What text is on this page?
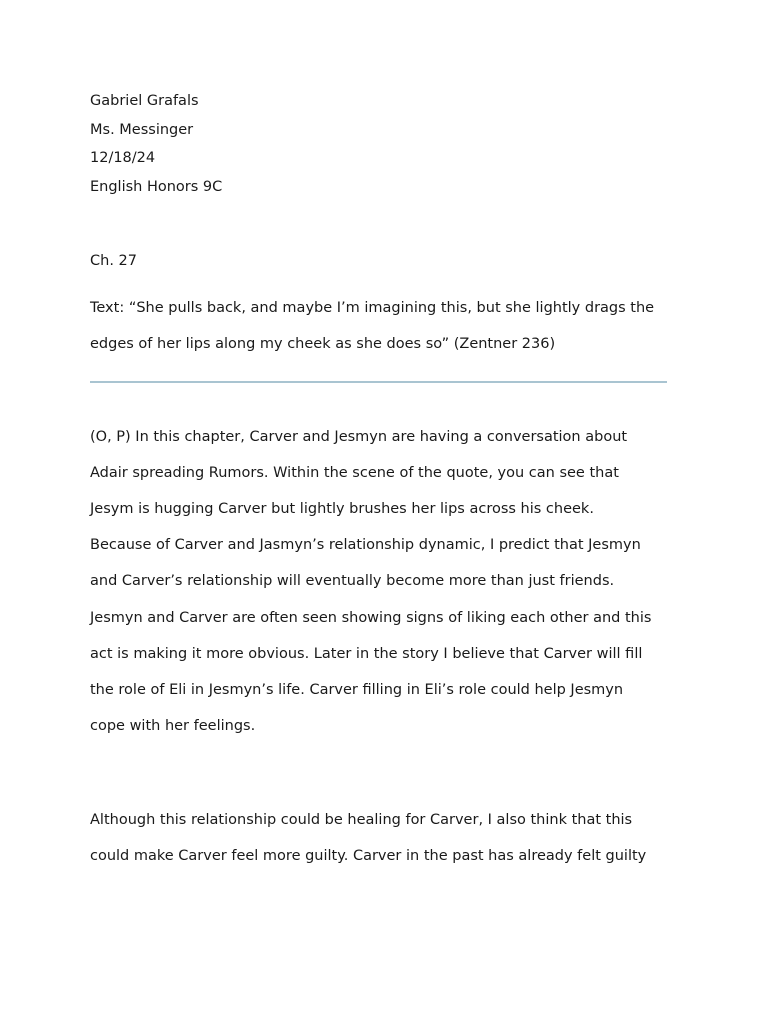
Gabriel Grafals
Ms. Messinger
12/18/24
English Honors 9C
Ch. 27
Text: “She pulls back, and maybe I’m imagining this, but she lightly drags the
edges of her lips along my cheek as she does so” (Zentner 236)
(O, P) In this chapter, Carver and Jesmyn are having a conversation about
Adair spreading Rumors. Within the scene of the quote, you can see that
Jesym is hugging Carver but lightly brushes her lips across his cheek.
Because of Carver and Jasmyn’s relationship dynamic, I predict that Jesmyn
and Carver’s relationship will eventually become more than just friends.
Jesmyn and Carver are often seen showing signs of liking each other and this
act is making it more obvious. Later in the story I believe that Carver will fill
the role of Eli in Jesmyn’s life. Carver filling in Eli’s role could help Jesmyn
cope with her feelings.
Although this relationship could be healing for Carver, I also think that this
could make Carver feel more guilty. Carver in the past has already felt guilty
